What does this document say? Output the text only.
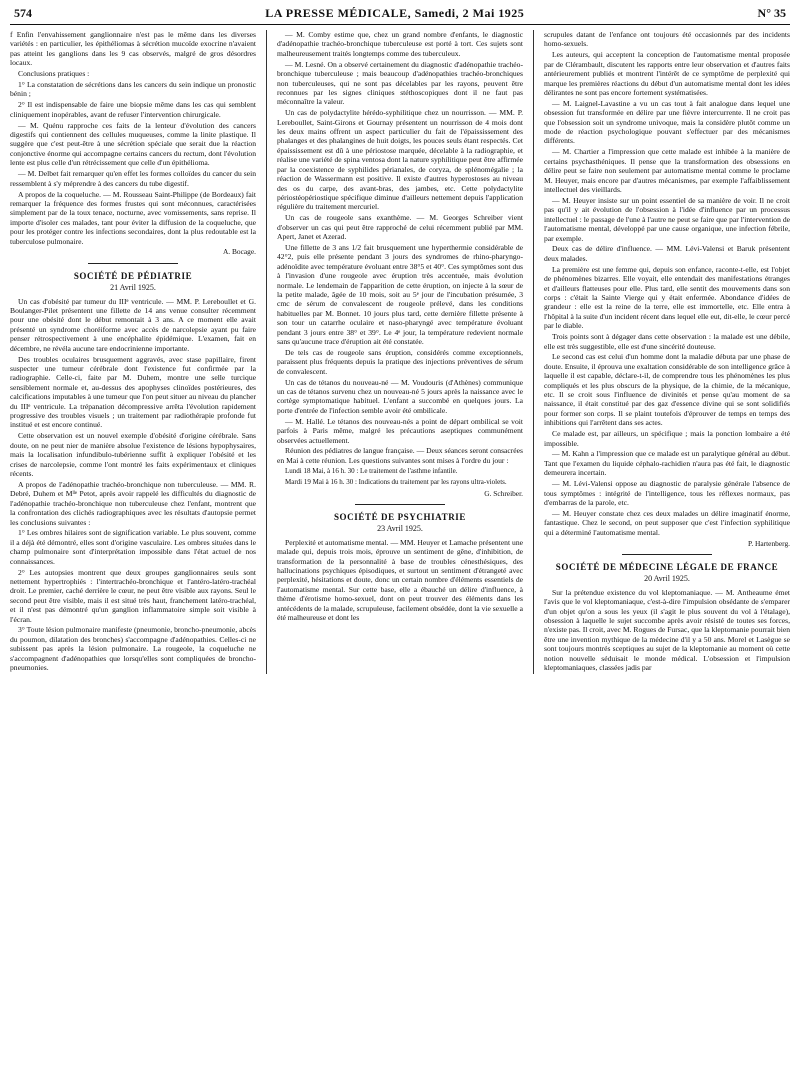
574	LA PRESSE MÉDICALE, Samedi, 2 Mai 1925	N° 35

f Enfin l'envahissement ganglionnaire n'est pas le même dans les diverses variétés : en particulier, les épithéliomas à sécrétion mucoïde exocrine n'avaient pas atteint les ganglions dans les 9 cas observés, malgré de gros désordres locaux.

Conclusions pratiques :

1° La constatation de sécrétions dans les cancers du sein indique un pronostic bénin ;

2° Il est indispensable de faire une biopsie même dans les cas qui semblent cliniquement inopérables, avant de refuser l'intervention chirurgicale.

— M. Quénu rapproche ces faits de la lenteur d'évolution des cancers digestifs qui contiennent des cellules muqueuses, comme la linite plastique. Il suggère que c'est peut-être à une sécrétion spéciale que serait due la réaction conjonctive énorme qui accompagne certains cancers du rectum, dont l'évolution lente est plus celle d'un rétrécissement que celle d'un épithélioma.

— M. Delbet fait remarquer qu'en effet les formes colloïdes du cancer du sein ressemblent à s'y méprendre à des cancers du tube digestif.

A propos de la coqueluche. — M. Rousseau Saint-Philippe (de Bordeaux) fait remarquer la fréquence des formes frustes qui sont méconnues, caractérisées simplement par de la toux tenace, nocturne, avec vomissements, sans reprise. Il importe d'isoler ces malades, tant pour éviter la diffusion de la coqueluche, que pour les protéger contre les infections secondaires, dont la plus redoutable est la tuberculose pulmonaire.

A. Bocage.
SOCIÉTÉ DE PÉDIATRIE
21 Avril 1925.

Un cas d'obésité par tumeur du IIIᵉ ventricule. — MM. P. Lereboullet et G. Boulanger-Pilet présentent une fillette de 14 ans venue consulter récemment pour une obésité dont le début remontait à 3 ans. A ce moment elle avait présenté un syndrome choréiforme avec accès de narcolepsie ayant pu faire penser rétrospectivement à une encéphalite épidémique. L'examen, fait en décembre, ne révéla aucune tare endocrinienne importante.

Des troubles oculaires brusquement aggravés, avec stase papillaire, firent suspecter une tumeur cérébrale dont l'existence fut confirmée par la radiographie. Celle-ci, faite par M. Duhem, montre une selle turcique sensiblement normale et, au-dessus des apophyses clinoïdes postérieures, des calcifications imputables à une tumeur que l'on peut situer au niveau du plancher du IIIᵉ ventricule. La trépanation décompressive arrêta l'évolution rapidement progressive des troubles visuels ; un traitement par radiothérapie profonde fut institué et est encore continué.

Cette observation est un nouvel exemple d'obésité d'origine cérébrale. Sans doute, on ne peut nier de manière absolue l'existence de lésions hypophysaires, mais la localisation infundibulo-tubérienne suffit à expliquer l'obésité et les crises de narcolepsie, comme l'ont montré les faits expérimentaux et cliniques récents.

A propos de l'adénopathie trachéo-bronchique non tuberculeuse. — MM. R. Debré, Duhem et Mˡˡᵉ Petot, après avoir rappelé les difficultés du diagnostic de l'adénopathie trachéo-bronchique non tuberculeuse chez l'enfant, montrent que la confrontation des clichés radiographiques avec les résultats d'autopsie permet les conclusions suivantes :

1° Les ombres hilaires sont de signification variable. Le plus souvent, comme il a déjà été démontré, elles sont d'origine vasculaire. Les ombres situées dans le champ pulmonaire sont d'interprétation impossible dans l'état actuel de nos connaissances.

2° Les autopsies montrent que deux groupes ganglionnaires seuls sont nettement hypertrophiés : l'intertrachéo-bronchique et l'antéro-latéro-trachéal droit. Le premier, caché derrière le cœur, ne peut être visible aux rayons. Seul le second peut être visible, mais il est situé très haut, franchement latéro-trachéal, et il n'est pas démontré qu'un ganglion inflammatoire simple soit visible à l'écran.

3° Toute lésion pulmonaire manifeste (pneumonie, broncho-pneumonie, abcès du poumon, dilatation des bronches) s'accompagne d'adénopathies. Celles-ci ne subissent pas après la lésion pulmonaire. La rougeole, la coqueluche ne s'accompagnent d'adénopathies que lorsqu'elles sont compliquées de broncho-pneumonies.

— M. Comby estime que, chez un grand nombre d'enfants, le diagnostic d'adénopathie trachéo-bronchique tuberculeuse est porté à tort. Ces sujets sont malheureusement traités longtemps comme des tuberculeux.

— M. Lesné. On a observé certainement du diagnostic d'adénopathie trachéo-bronchique tuberculeuse ; mais beaucoup d'adénopathies trachéo-bronchiques non tuberculeuses, qui ne sont pas décelables par les rayons, peuvent être reconnues par les signes cliniques stéthoscopiques dont il ne faut pas méconnaître la valeur.

Un cas de polydactylite hérédo-syphilitique chez un nourrisson. — MM. P. Lereboullet, Saint-Girons et Gournay présentent un nourrisson de 4 mois dont les deux mains offrent un aspect particulier du fait de l'épaississement des phalanges et des phalangines de huit doigts, les pouces seuls étant respectés. Cet épaississement est dû à une périostose marquée, décelable à la radiographie, et réalise une variété de spina ventosa dont la nature syphilitique peut être affirmée par la coexistence de syphilides périanales, de coryza, de splénomégalie ; la réaction de Wassermann est positive. Il existe d'autres hyperostoses au niveau des os du carpe, des avant-bras, des jambes, etc. Cette polydactylite périostéopériostique spécifique diminue d'ailleurs nettement depuis l'application régulière du traitement mercuriel.

Un cas de rougeole sans exanthème. — M. Georges Schreiber vient d'observer un cas qui peut être rapproché de celui récemment publié par MM. Apert, Janet et Azerad.

Une fillette de 3 ans 1/2 fait brusquement une hyperthermie considérable de 42°2, puis elle présente pendant 3 jours des syndromes de rhino-pharyngo-adénoïdite avec température évoluant entre 38°5 et 40°. Ces symptômes sont dus à l'invasion d'une rougeole avec éruption très accentuée, mais évolution normale. Le lendemain de l'apparition de cette éruption, on injecte à la sœur de la petite malade, âgée de 10 mois, soit au 5ᵉ jour de l'incubation présumée, 3 cmc de sérum de convalescent de rougeole prélevé, dans les conditions habituelles par M. Bonnet. 10 jours plus tard, cette dernière fillette présente à son tour un catarrhe oculaire et naso-pharyngé avec température évoluant pendant 3 jours entre 38° et 39°. Le 4ᵉ jour, la température redevient normale sans qu'aucune trace d'éruption ait été constatée.

De tels cas de rougeole sans éruption, considérés comme exceptionnels, paraissent plus fréquents depuis la pratique des injections préventives de sérum de convalescent.

Un cas de tétanos du nouveau-né — M. Voudouris (d'Athènes) communique un cas de tétanos survenu chez un nouveau-né 5 jours après la naissance avec le cortège symptomatique habituel. L'enfant a succombé en quelques jours. La porte d'entrée de l'infection semble avoir été ombilicale.

— M. Hallé. Le tétanos des nouveau-nés a point de départ ombilical se voit parfois à Paris même, malgré les précautions aseptiques communément observées actuellement.

Réunion des pédiatres de langue française. — Deux séances seront consacrées en Mai à cette réunion. Les questions suivantes sont mises à l'ordre du jour :

Lundi 18 Mai, à 16 h. 30 : Le traitement de l'asthme infantile.

Mardi 19 Mai à 16 h. 30 : Indications du traitement par les rayons ultra-violets.

G. Schreiber.
SOCIÉTÉ DE PSYCHIATRIE
23 Avril 1925.

Perplexité et automatisme mental. — MM. Heuyer et Lamache présentent une malade qui, depuis trois mois, éprouve un sentiment de gêne, d'inhibition, de transformation de la personnalité à base de troubles cénesthésiques, des hallucinations psychiques épisodiques, et surtout un sentiment d'étrangeté avec perplexité, hésitations et doute, donc un certain nombre d'éléments essentiels de l'automatisme mental. Sur cette base, elle a ébauché un délire d'influence, à thème d'érotisme homo-sexuel, dont on peut trouver des éléments dans les antécédents de la malade, scrupuleuse, facilement obsédée, dont la vie sexuelle a été malheureuse et dont les

scrupules datant de l'enfance ont toujours été occasionnés par des incidents homo-sexuels.

Les auteurs, qui acceptent la conception de l'automatisme mental proposée par de Clérambault, discutent les rapports entre leur observation et d'autres faits antérieurement publiés et montrent l'intérêt de ce symptôme de perplexité qui marque les premières réactions du début d'un automatisme mental dont les idées délirantes ne sont pas encore fortement systématisées.

— M. Laignel-Lavastine a vu un cas tout à fait analogue dans lequel une obsession fut transformée en délire par une fièvre intercurrente. Il ne croit pas que l'obsession soit un syndrome univoque, mais la considère plutôt comme un mode de réaction psychologique pouvant s'effectuer par des mécanismes différents.

— M. Chartier a l'impression que cette malade est inhibée à la manière de certains psychasthéniques. Il pense que la transformation des obsessions en délire peut se faire non seulement par automatisme mental comme le proclame M. Heuyer, mais encore par d'autres mécanismes, par exemple l'affaiblissement intellectuel des vieillards.

— M. Heuyer insiste sur un point essentiel de sa manière de voir. Il ne croit pas qu'il y ait évolution de l'obsession à l'idée d'influence par un processus intellectuel : le passage de l'une à l'autre ne peut se faire que par l'intervention de l'automatisme mental, développé par une cause organique, une infection fébrile, par exemple.

Deux cas de délire d'influence. — MM. Lévi-Valensi et Baruk présentent deux malades.

La première est une femme qui, depuis son enfance, raconte-t-elle, est l'objet de phénomènes bizarres. Elle voyait, elle entendait des manifestations étranges et d'ailleurs flatteuses pour elle. Plus tard, elle sentit des mouvements dans son corps : c'était la Sainte Vierge qui y était enfermée. Abondance d'idées de grandeur : elle est la reine de la terre, elle est immortelle, etc. Elle entra à l'hôpital à la suite d'un incident récent dans lequel elle eut, dit-elle, le cœur percé par le diable.

Trois points sont à dégager dans cette observation : la malade est une débile, elle est très suggestible, elle est d'une sincérité douteuse.

Le second cas est celui d'un homme dont la maladie débuta par une phase de doute. Ensuite, il éprouva une exaltation considérable de son intelligence grâce à laquelle il est capable, déclare-t-il, de comprendre tous les phénomènes les plus compliqués et les plus obscurs de la physique, de la chimie, de la mécanique, etc. Il se croit sous l'influence de divinités et pense qu'au moment de sa naissance, il était constitué par des gaz d'essence divine qui se sont solidifiés pour former son corps. Il se plaint toutefois d'éprouver de temps en temps des inhibitions qui l'arrêtent dans ses actes.

Ce malade est, par ailleurs, un spécifique ; mais la ponction lombaire a été impossible.

— M. Kahn a l'impression que ce malade est un paralytique général au début. Tant que l'examen du liquide céphalo-rachidien n'aura pas été fait, le diagnostic demeurera incertain.

— M. Lévi-Valensi oppose au diagnostic de paralysie générale l'absence de tous symptômes : intégrité de l'intelligence, tous les réflexes normaux, pas d'embarras de la parole, etc.

— M. Heuyer constate chez ces deux malades un délire imaginatif énorme, fantastique. Chez le second, on peut supposer que c'est l'infection syphilitique qui a déterminé l'automatisme mental.

P. Hartenberg.
SOCIÉTÉ DE MÉDECINE LÉGALE DE FRANCE
20 Avril 1925.

Sur la prétendue existence du vol kleptomaniaque. — M. Antheaume émet l'avis que le vol kleptomaniaque, c'est-à-dire l'impulsion obsédante de s'emparer d'un objet qu'on a sous les yeux (il s'agit le plus souvent du vol à l'étalage), obsession à laquelle le sujet succombe après avoir résisté de toutes ses forces, n'existe pas. Il croit, avec M. Rogues de Fursac, que la kleptomanie pourrait bien être une invention mythique de la médecine d'il y a 50 ans. Morel et Lasègue se sont toujours montrés sceptiques au sujet de la kleptomanie au moment où cette notion nouvelle séduisait le monde médical. L'obsession et l'impulsion kleptomaniaques, classées jadis par
